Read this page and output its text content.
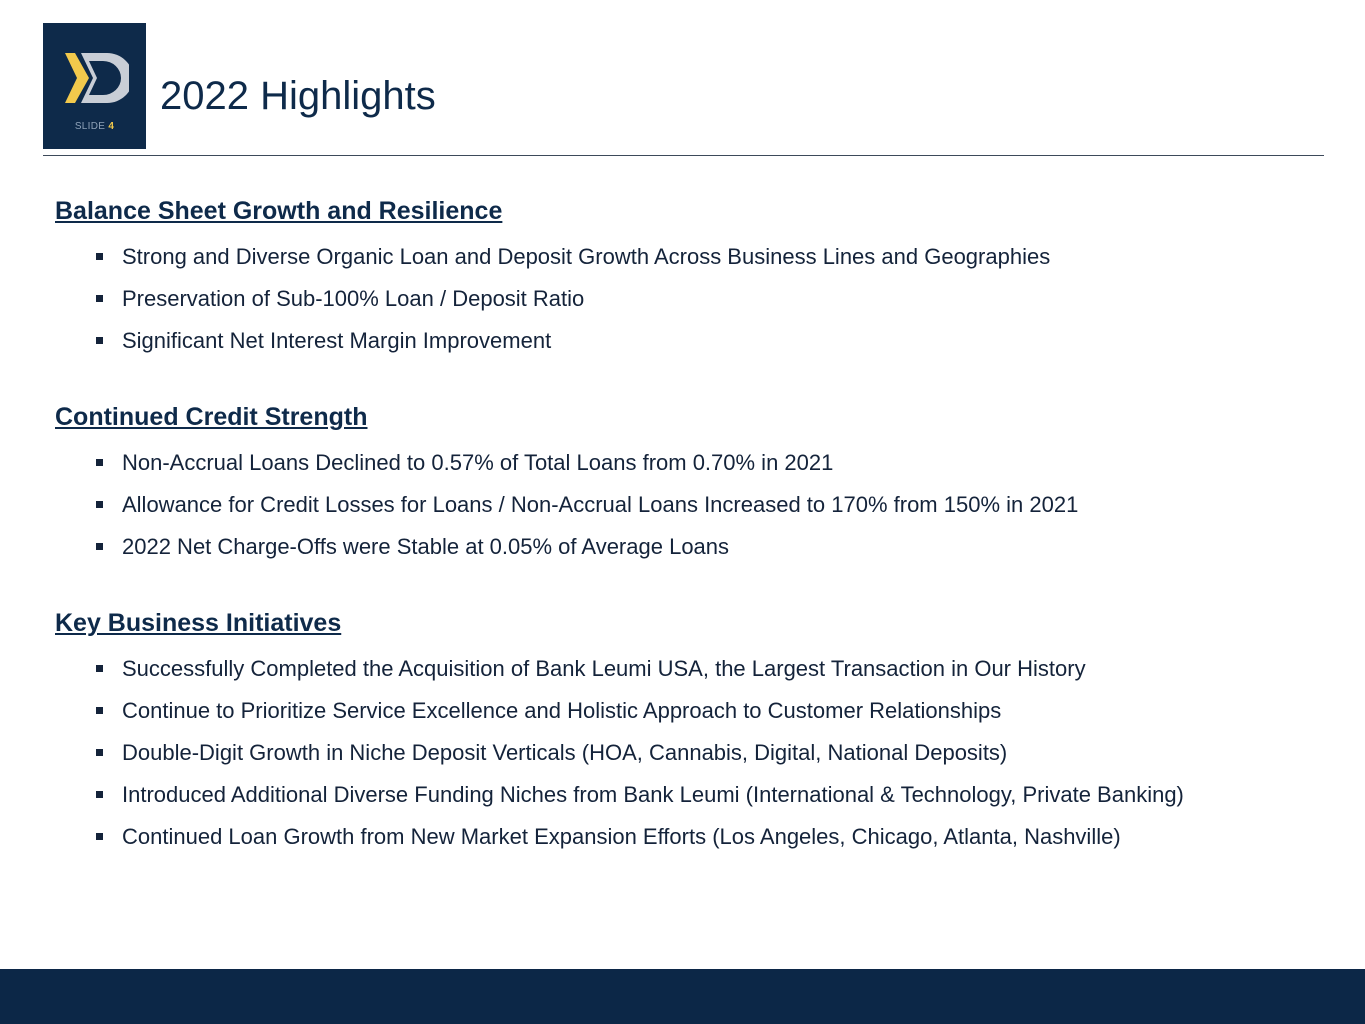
SLIDE 4
2022 Highlights
Balance Sheet Growth and Resilience
Strong and Diverse Organic Loan and Deposit Growth Across Business Lines and Geographies
Preservation of Sub-100% Loan / Deposit Ratio
Significant Net Interest Margin Improvement
Continued Credit Strength
Non-Accrual Loans Declined to 0.57% of Total Loans from 0.70% in 2021
Allowance for Credit Losses for Loans / Non-Accrual Loans Increased to 170% from 150% in 2021
2022 Net Charge-Offs were Stable at 0.05% of Average Loans
Key Business Initiatives
Successfully Completed the Acquisition of Bank Leumi USA, the Largest Transaction in Our History
Continue to Prioritize Service Excellence and Holistic Approach to Customer Relationships
Double-Digit Growth in Niche Deposit Verticals (HOA, Cannabis, Digital, National Deposits)
Introduced Additional Diverse Funding Niches from Bank Leumi (International & Technology, Private Banking)
Continued Loan Growth from New Market Expansion Efforts (Los Angeles, Chicago, Atlanta, Nashville)
